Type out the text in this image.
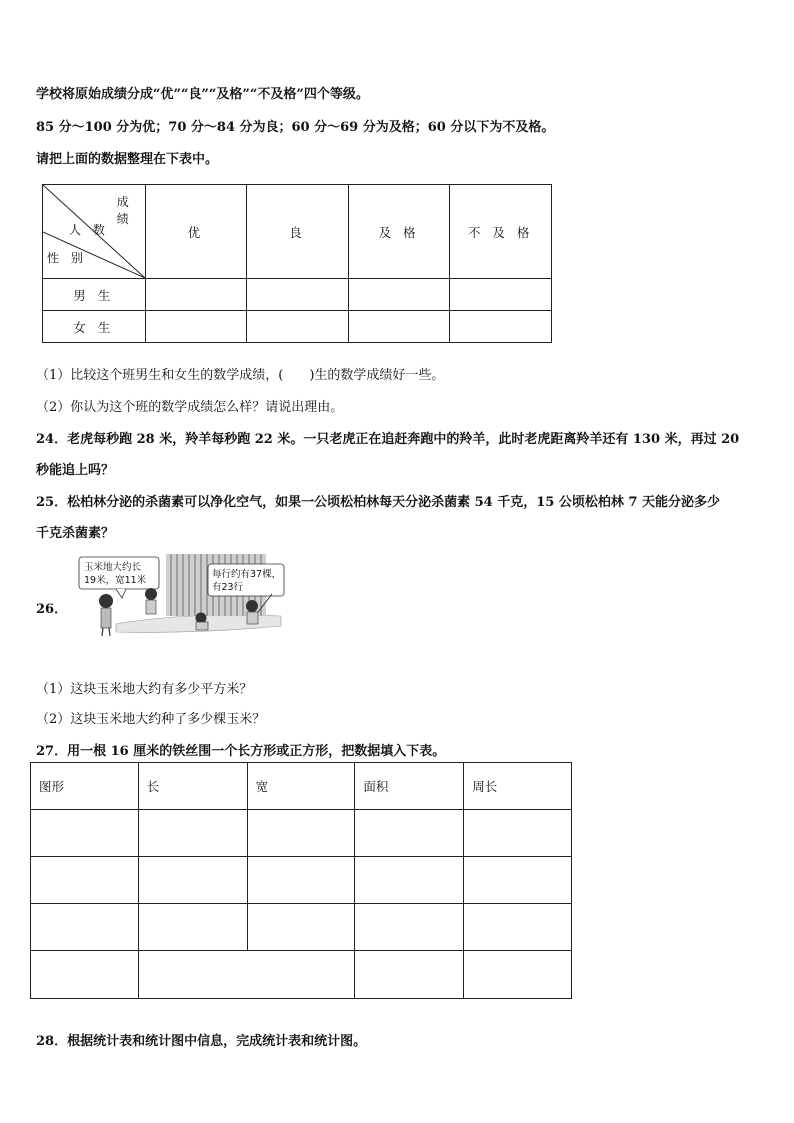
学校将原始成绩分成“优”“良”“及格”“不及格”四个等级。
85 分～100 分为优；70 分～84 分为良；60 分～69 分为及格；60 分以下为不及格。
请把上面的数据整理在下表中。
成 绩
人 数
性 别	优	良	及 格	不 及 格
男 生				
女 生				
（1）比较这个班男生和女生的数学成绩，(　　)生的数学成绩好一些。
（2）你认为这个班的数学成绩怎么样？请说出理由。
24．老虎每秒跑 28 米，羚羊每秒跑 22 米。一只老虎正在追赶奔跑中的羚羊，此时老虎距离羚羊还有 130 米，再过 20
秒能追上吗？
25．松柏林分泌的杀菌素可以净化空气，如果一公顷松柏林每天分泌杀菌素 54 千克，15 公顷松柏林 7 天能分泌多少
千克杀菌素？
26．
玉米地大约长
19米，宽11米
每行约有37棵，
有23行
（1）这块玉米地大约有多少平方米？
（2）这块玉米地大约种了多少棵玉米？
27．用一根 16 厘米的铁丝围一个长方形或正方形，把数据填入下表。
图形	长	宽	面积	周长

28．根据统计表和统计图中信息，完成统计表和统计图。
